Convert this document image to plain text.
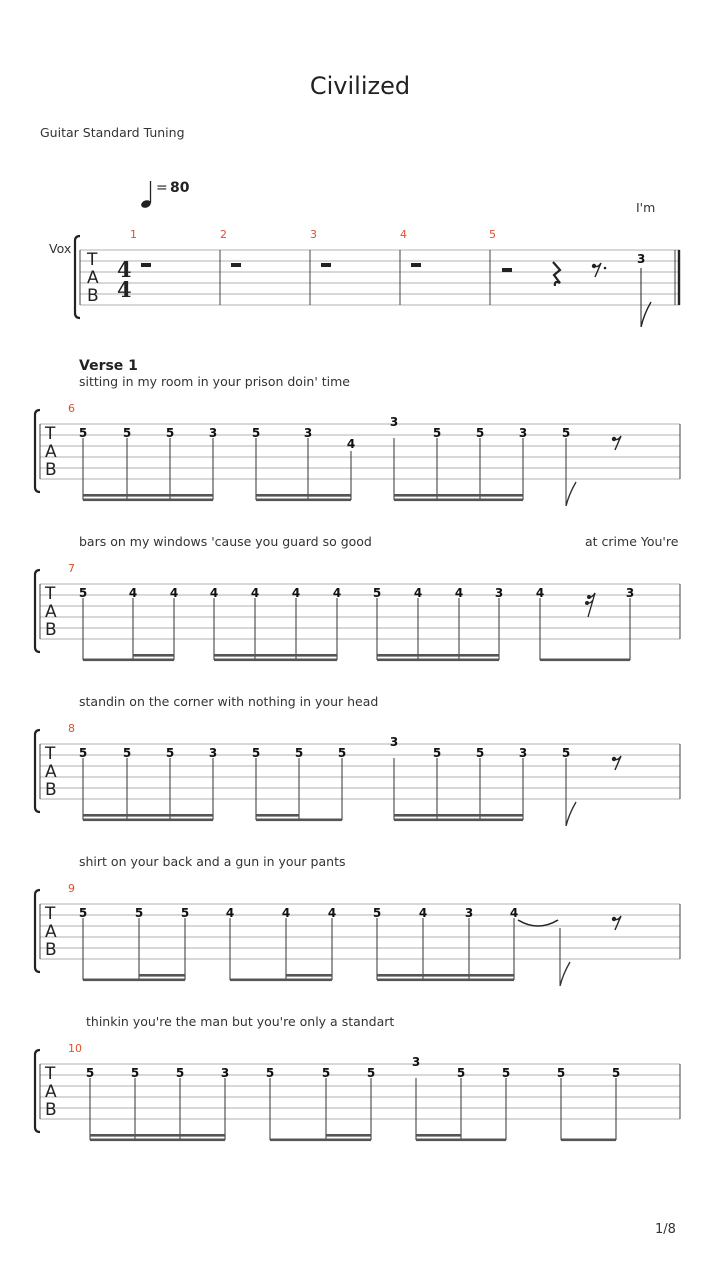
Civilized
Guitar Standard Tuning
= 80
Vox
I'm
Verse 1
sitting in my room in your prison doin' time
bars on my windows 'cause you guard so good	at crime You're
standin on the corner with nothing in your head
shirt on your back and a gun in your pants
thinkin you're the man but you're only a standart
1/8
T
A
B
4
4
1	2	3	4	5
3
T
A
B
6
5	5	5	3	5	3
4
3
5	5	3	5
T
A
B
7
5	4	4	4	4	4	4	5	4	4	3	4	3
T
A
B
8
5	5	5	3	5	5	5
3
5	5	3	5
T
A
B
9
5	5	5	4	4	4	5	4	3	4
T
A
B
10
5	5	5	3	5	5	5
3
5	5	5	5
